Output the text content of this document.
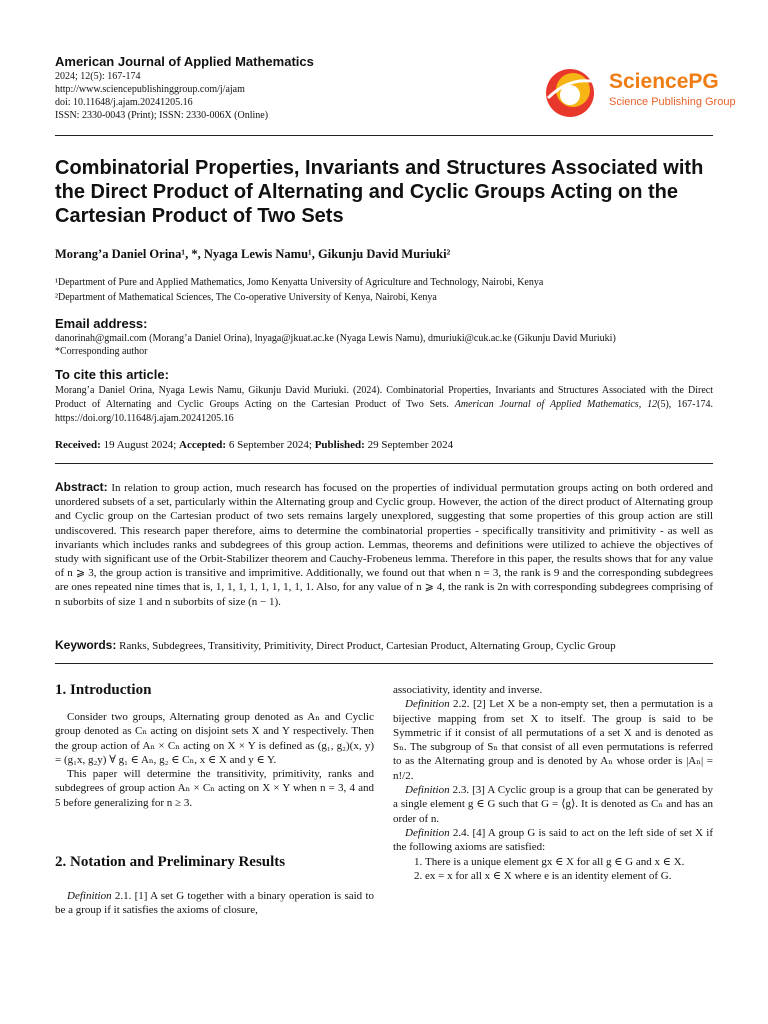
American Journal of Applied Mathematics
2024; 12(5): 167-174
http://www.sciencepublishinggroup.com/j/ajam
doi: 10.11648/j.ajam.20241205.16
ISSN: 2330-0043 (Print); ISSN: 2330-006X (Online)
SciencePG
Science Publishing Group
Combinatorial Properties, Invariants and Structures Associated with the Direct Product of Alternating and Cyclic Groups Acting on the Cartesian Product of Two Sets
Morang’a Daniel Orina¹, *, Nyaga Lewis Namu¹, Gikunju David Muriuki²
¹Department of Pure and Applied Mathematics, Jomo Kenyatta University of Agriculture and Technology, Nairobi, Kenya
²Department of Mathematical Sciences, The Co-operative University of Kenya, Nairobi, Kenya
Email address:
danorinah@gmail.com (Morang’a Daniel Orina), lnyaga@jkuat.ac.ke (Nyaga Lewis Namu), dmuriuki@cuk.ac.ke (Gikunju David Muriuki)
*Corresponding author
To cite this article:
Morang’a Daniel Orina, Nyaga Lewis Namu, Gikunju David Muriuki. (2024). Combinatorial Properties, Invariants and Structures Associated with the Direct Product of Alternating and Cyclic Groups Acting on the Cartesian Product of Two Sets. American Journal of Applied Mathematics, 12(5), 167-174. https://doi.org/10.11648/j.ajam.20241205.16
Received: 19 August 2024; Accepted: 6 September 2024; Published: 29 September 2024
Abstract: In relation to group action, much research has focused on the properties of individual permutation groups acting on both ordered and unordered subsets of a set, particularly within the Alternating group and Cyclic group. However, the action of the direct product of Alternating group and Cyclic group on the Cartesian product of two sets remains largely unexplored, suggesting that some properties of this group action are still undiscovered. This research paper therefore, aims to determine the combinatorial properties - specifically transitivity and primitivity - as well as invariants which includes ranks and subdegrees of this group action. Lemmas, theorems and definitions were utilized to achieve the objectives of study with significant use of the Orbit-Stabilizer theorem and Cauchy-Frobeneus lemma. Therefore in this paper, the results shows that for any value of n ⩾ 3, the group action is transitive and imprimitive. Additionally, we found out that when n = 3, the rank is 9 and the corresponding subdegrees are ones repeated nine times that is, 1, 1, 1, 1, 1, 1, 1, 1, 1. Also, for any value of n ⩾ 4, the rank is 2n with corresponding subdegrees comprising of n suborbits of size 1 and n suborbits of size (n − 1).
Keywords: Ranks, Subdegrees, Transitivity, Primitivity, Direct Product, Cartesian Product, Alternating Group, Cyclic Group
1. Introduction

Consider two groups, Alternating group denoted as Aₙ and Cyclic group denoted as Cₙ acting on disjoint sets X and Y respectively. Then the group action of Aₙ × Cₙ acting on X × Y is defined as (g₁, g₂)(x, y) = (g₁x, g₂y) ∀ g₁ ∈ Aₙ, g₂ ∈ Cₙ, x ∈ X and y ∈ Y.

This paper will determine the transitivity, primitivity, ranks and subdegrees of group action Aₙ × Cₙ acting on X × Y when n = 3, 4 and 5 before generalizing for n ≥ 3.

2. Notation and Preliminary Results

Definition 2.1. [1] A set G together with a binary operation is said to be a group if it satisfies the axioms of closure,

associativity, identity and inverse.

Definition 2.2. [2] Let X be a non-empty set, then a permutation is a bijective mapping from set X to itself. The group is said to be Symmetric if it consist of all permutations of a set X and is denoted as Sₙ. The subgroup of Sₙ that consist of all even permutations is referred to as the Alternating group and is denoted by Aₙ whose order is |Aₙ| = n!/2.

Definition 2.3. [3] A Cyclic group is a group that can be generated by a single element g ∈ G such that G = ⟨g⟩. It is denoted as Cₙ and has an order of n.

Definition 2.4. [4] A group G is said to act on the left side of set X if the following axioms are satisfied:

1. There is a unique element gx ∈ X for all g ∈ G and x ∈ X.
2. ex = x for all x ∈ X where e is an identity element of G.
